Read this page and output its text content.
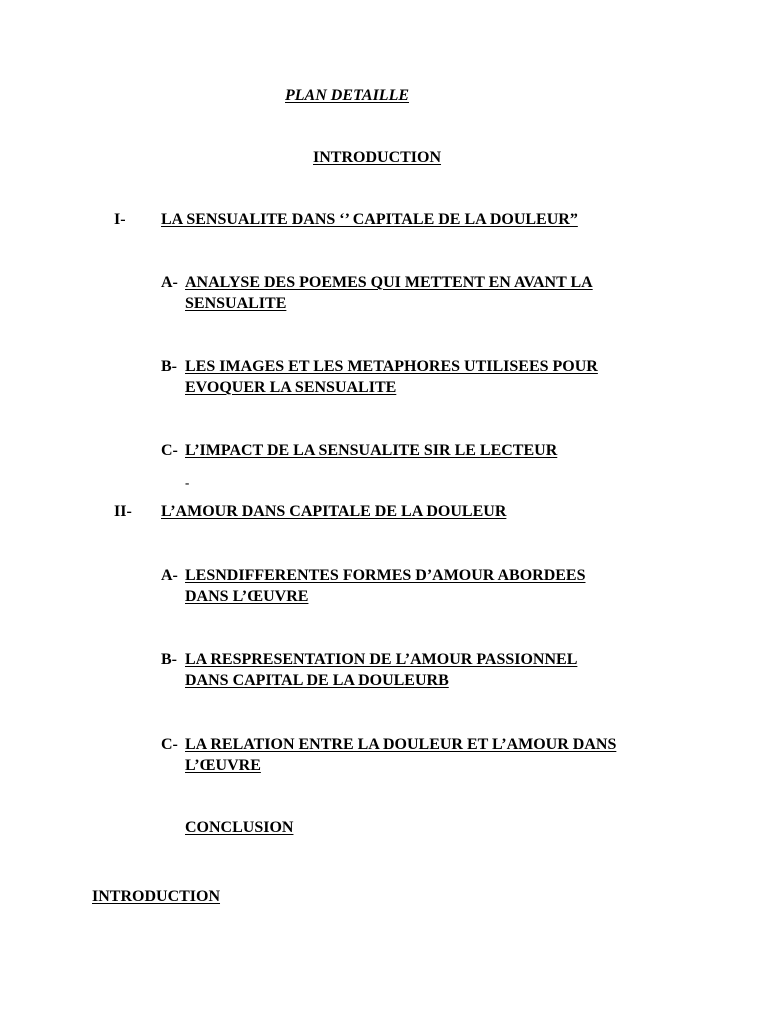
PLAN DETAILLE
INTRODUCTION
I- LA SENSUALITE DANS ‘’ CAPITALE DE LA DOULEUR”
A- ANALYSE DES POEMES QUI METTENT EN AVANT LA
SENSUALITE
B- LES IMAGES ET LES METAPHORES UTILISEES POUR
EVOQUER LA SENSUALITE
C- L’IMPACT DE LA SENSUALITE SIR LE LECTEUR
-
II- L’AMOUR DANS CAPITALE DE LA DOULEUR
A- LESNDIFFERENTES FORMES D’AMOUR ABORDEES
DANS L’ŒUVRE
B- LA RESPRESENTATION DE L’AMOUR PASSIONNEL
DANS CAPITAL DE LA DOULEURB
C- LA RELATION ENTRE LA DOULEUR ET L’AMOUR DANS
L’ŒUVRE
CONCLUSION
INTRODUCTION
